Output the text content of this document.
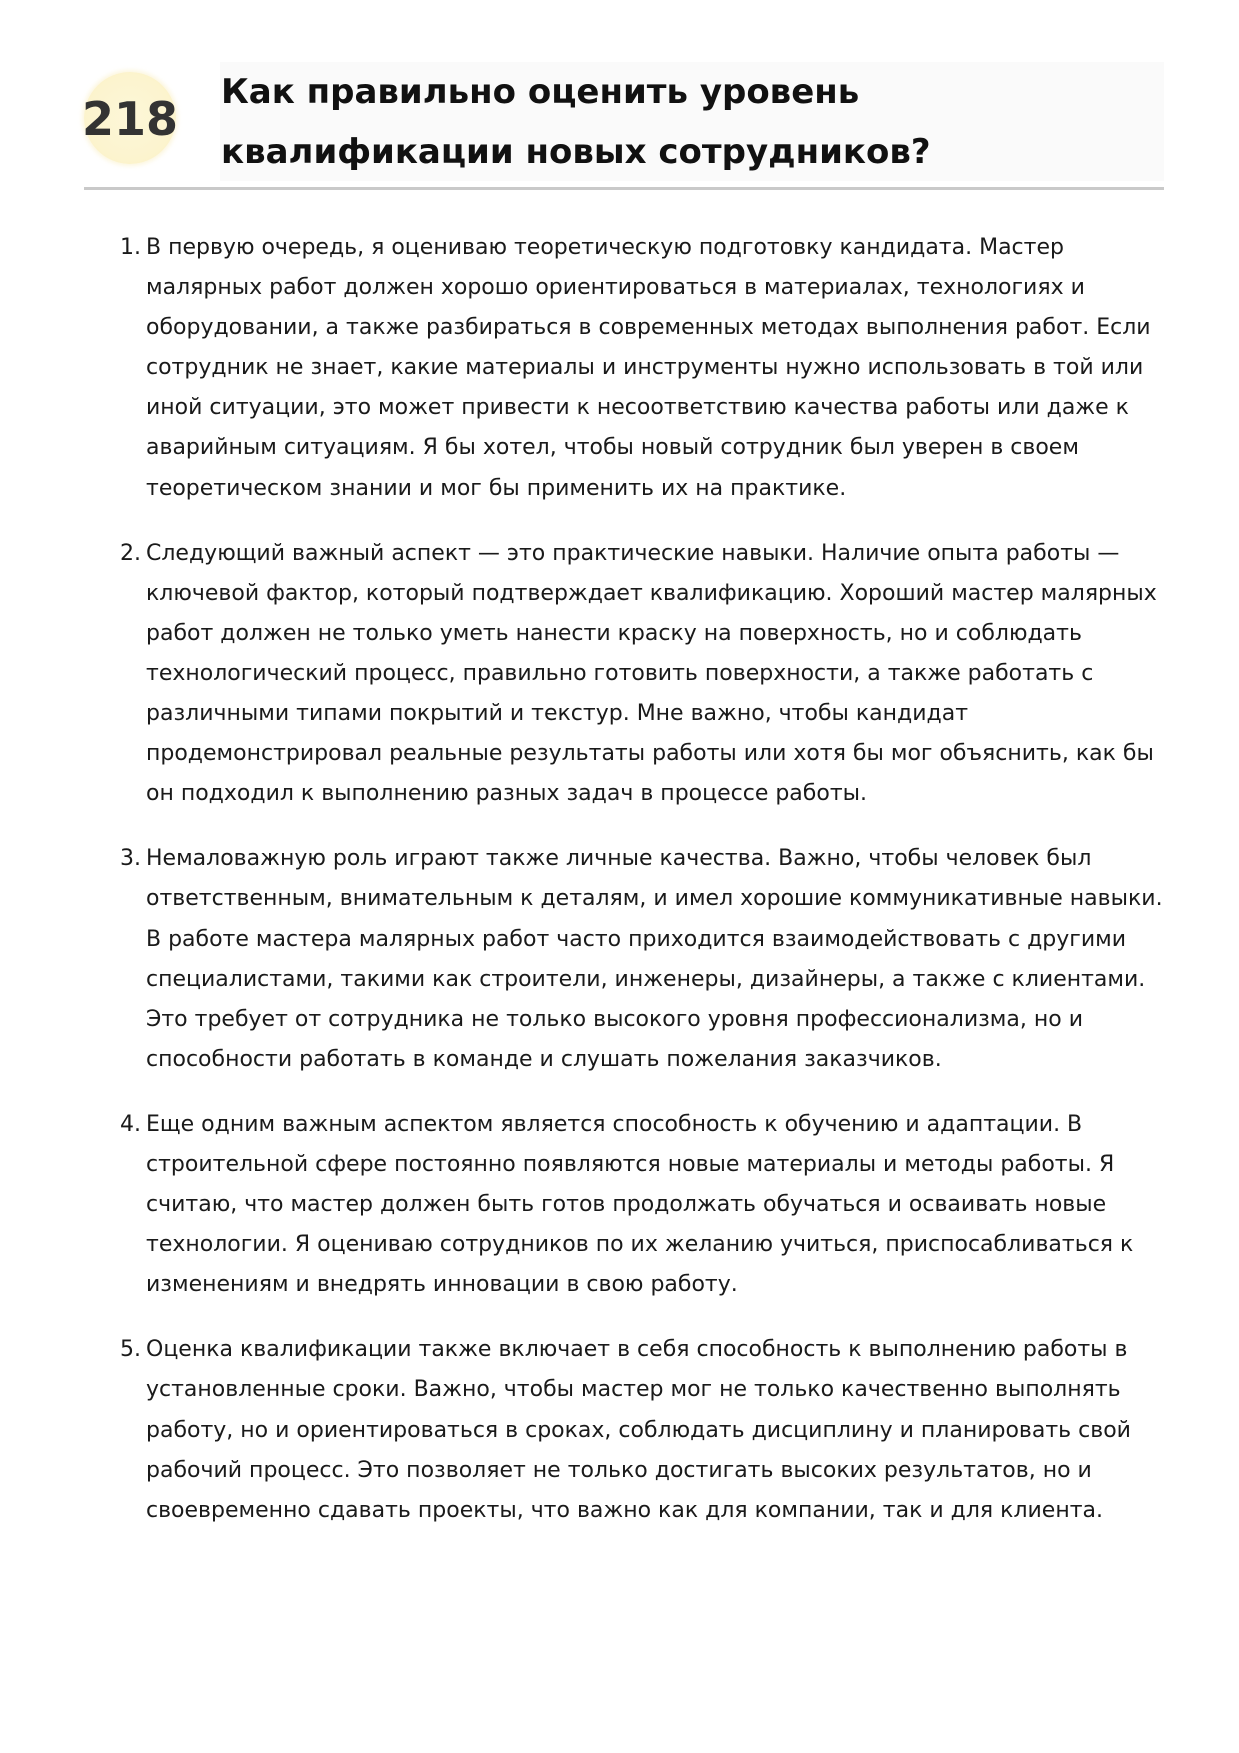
218 Как правильно оценить уровень квалификации новых сотрудников?
1. В первую очередь, я оцениваю теоретическую подготовку кандидата. Мастер малярных работ должен хорошо ориентироваться в материалах, технологиях и оборудовании, а также разбираться в современных методах выполнения работ. Если сотрудник не знает, какие материалы и инструменты нужно использовать в той или иной ситуации, это может привести к несоответствию качества работы или даже к аварийным ситуациям. Я бы хотел, чтобы новый сотрудник был уверен в своем теоретическом знании и мог бы применить их на практике.

2. Следующий важный аспект — это практические навыки. Наличие опыта работы — ключевой фактор, который подтверждает квалификацию. Хороший мастер малярных работ должен не только уметь нанести краску на поверхность, но и соблюдать технологический процесс, правильно готовить поверхности, а также работать с различными типами покрытий и текстур. Мне важно, чтобы кандидат продемонстрировал реальные результаты работы или хотя бы мог объяснить, как бы он подходил к выполнению разных задач в процессе работы.

3. Немаловажную роль играют также личные качества. Важно, чтобы человек был ответственным, внимательным к деталям, и имел хорошие коммуникативные навыки. В работе мастера малярных работ часто приходится взаимодействовать с другими специалистами, такими как строители, инженеры, дизайнеры, а также с клиентами. Это требует от сотрудника не только высокого уровня профессионализма, но и способности работать в команде и слушать пожелания заказчиков.

4. Еще одним важным аспектом является способность к обучению и адаптации. В строительной сфере постоянно появляются новые материалы и методы работы. Я считаю, что мастер должен быть готов продолжать обучаться и осваивать новые технологии. Я оцениваю сотрудников по их желанию учиться, приспосабливаться к изменениям и внедрять инновации в свою работу.

5. Оценка квалификации также включает в себя способность к выполнению работы в установленные сроки. Важно, чтобы мастер мог не только качественно выполнять работу, но и ориентироваться в сроках, соблюдать дисциплину и планировать свой рабочий процесс. Это позволяет не только достигать высоких результатов, но и своевременно сдавать проекты, что важно как для компании, так и для клиента.
